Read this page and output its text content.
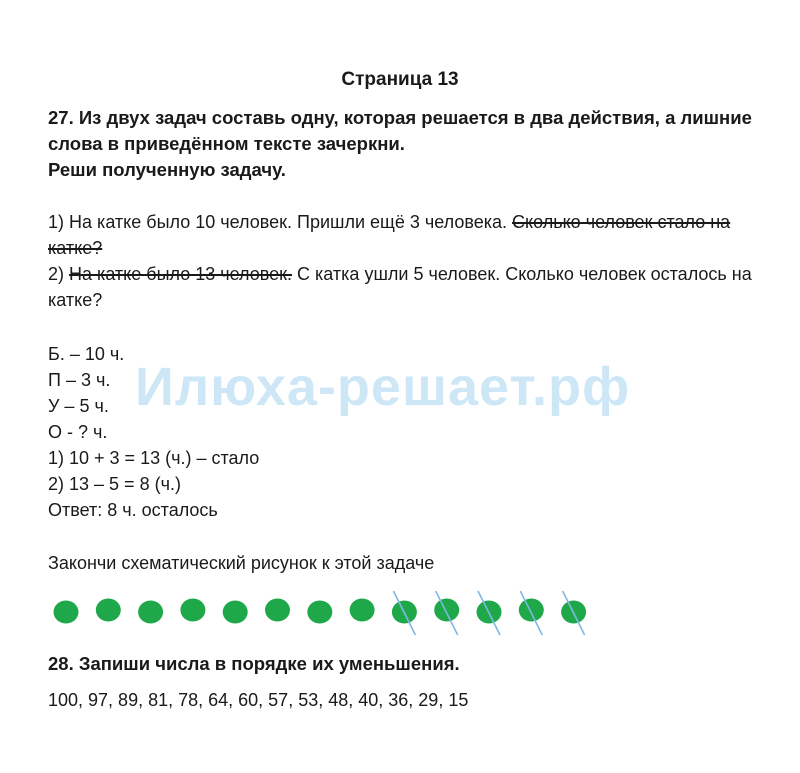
Страница 13
27. Из двух задач составь одну, которая решается в два действия, а лишние слова в приведённом тексте зачеркни.
Реши полученную задачу.
1) На катке было 10 человек. Пришли ещё 3 человека. Сколько человек стало на катке?
2) На катке было 13 человек. С катка ушли 5 человек. Сколько человек осталось на катке?
Б. – 10 ч.
П – 3 ч.
У – 5 ч.
О - ? ч.
1) 10 + 3 = 13 (ч.) – стало
2) 13 – 5 = 8 (ч.)
Ответ: 8 ч. осталось
Илюха-решает.рф
Закончи схематический рисунок к этой задаче
28. Запиши числа в порядке их уменьшения.
100, 97, 89, 81, 78, 64, 60, 57, 53, 48, 40, 36, 29, 15
